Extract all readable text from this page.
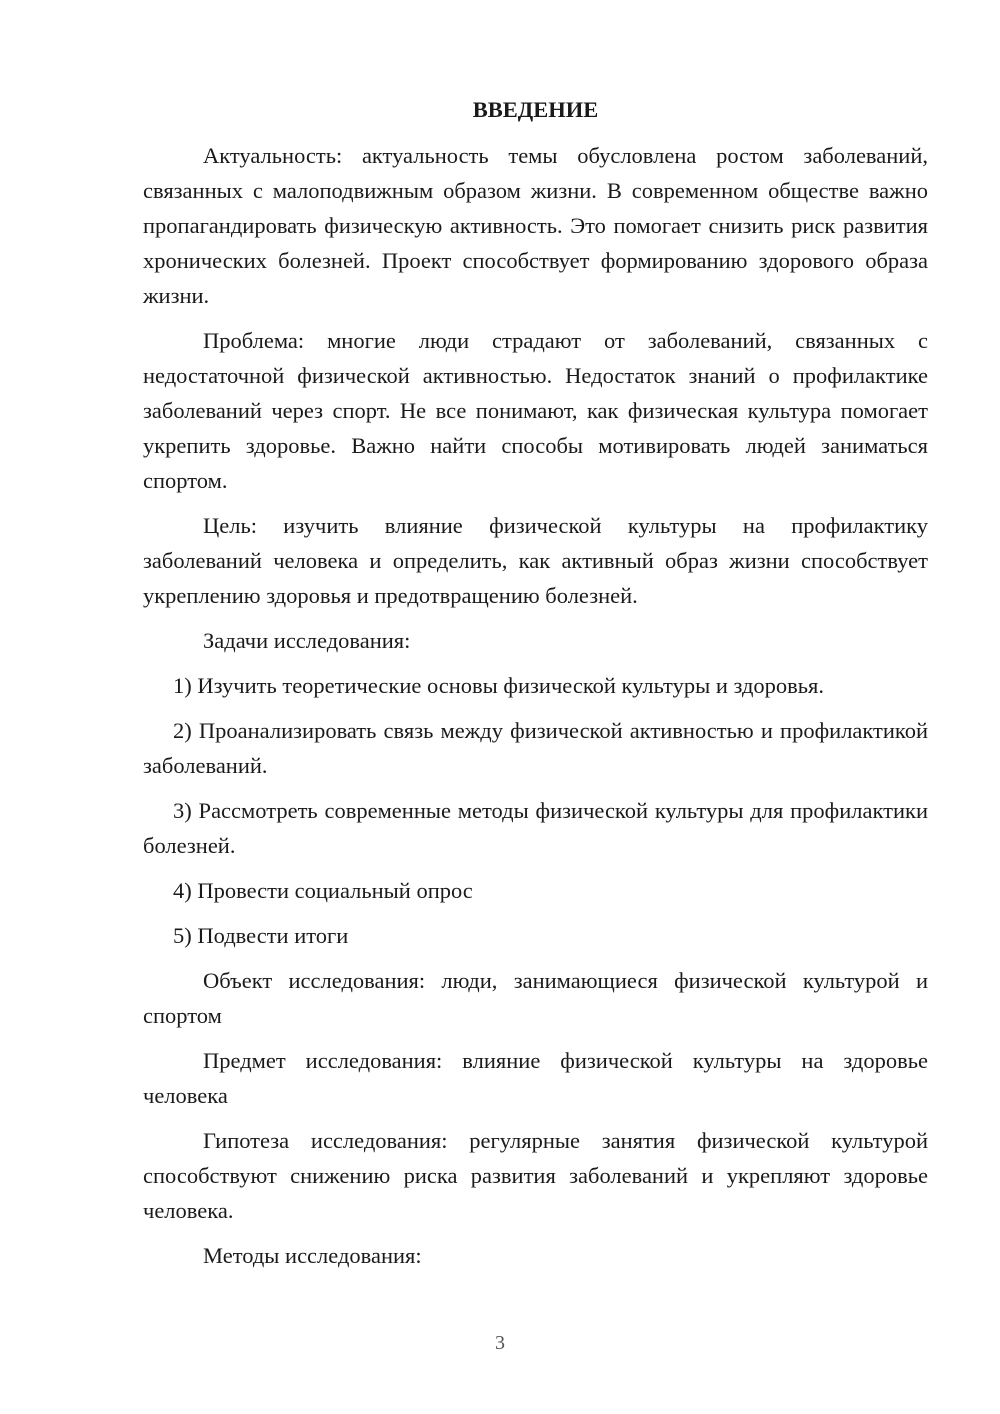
ВВЕДЕНИЕ

Актуальность: актуальность темы обусловлена ростом заболеваний, связанных с малоподвижным образом жизни. В современном обществе важно пропагандировать физическую активность. Это помогает снизить риск развития хронических болезней. Проект способствует формированию здорового образа жизни.

Проблема: многие люди страдают от заболеваний, связанных с недостаточной физической активностью. Недостаток знаний о профилактике заболеваний через спорт. Не все понимают, как физическая культура помогает укрепить здоровье. Важно найти способы мотивировать людей заниматься спортом.

Цель: изучить влияние физической культуры на профилактику заболеваний человека и определить, как активный образ жизни способствует укреплению здоровья и предотвращению болезней.

Задачи исследования:

1) Изучить теоретические основы физической культуры и здоровья.

2) Проанализировать связь между физической активностью и профилактикой заболеваний.

3) Рассмотреть современные методы физической культуры для профилактики болезней.

4) Провести социальный опрос

5) Подвести итоги

Объект исследования: люди, занимающиеся физической культурой и спортом

Предмет исследования: влияние физической культуры на здоровье человека

Гипотеза исследования: регулярные занятия физической культурой способствуют снижению риска развития заболеваний и укрепляют здоровье человека.

Методы исследования:

3
